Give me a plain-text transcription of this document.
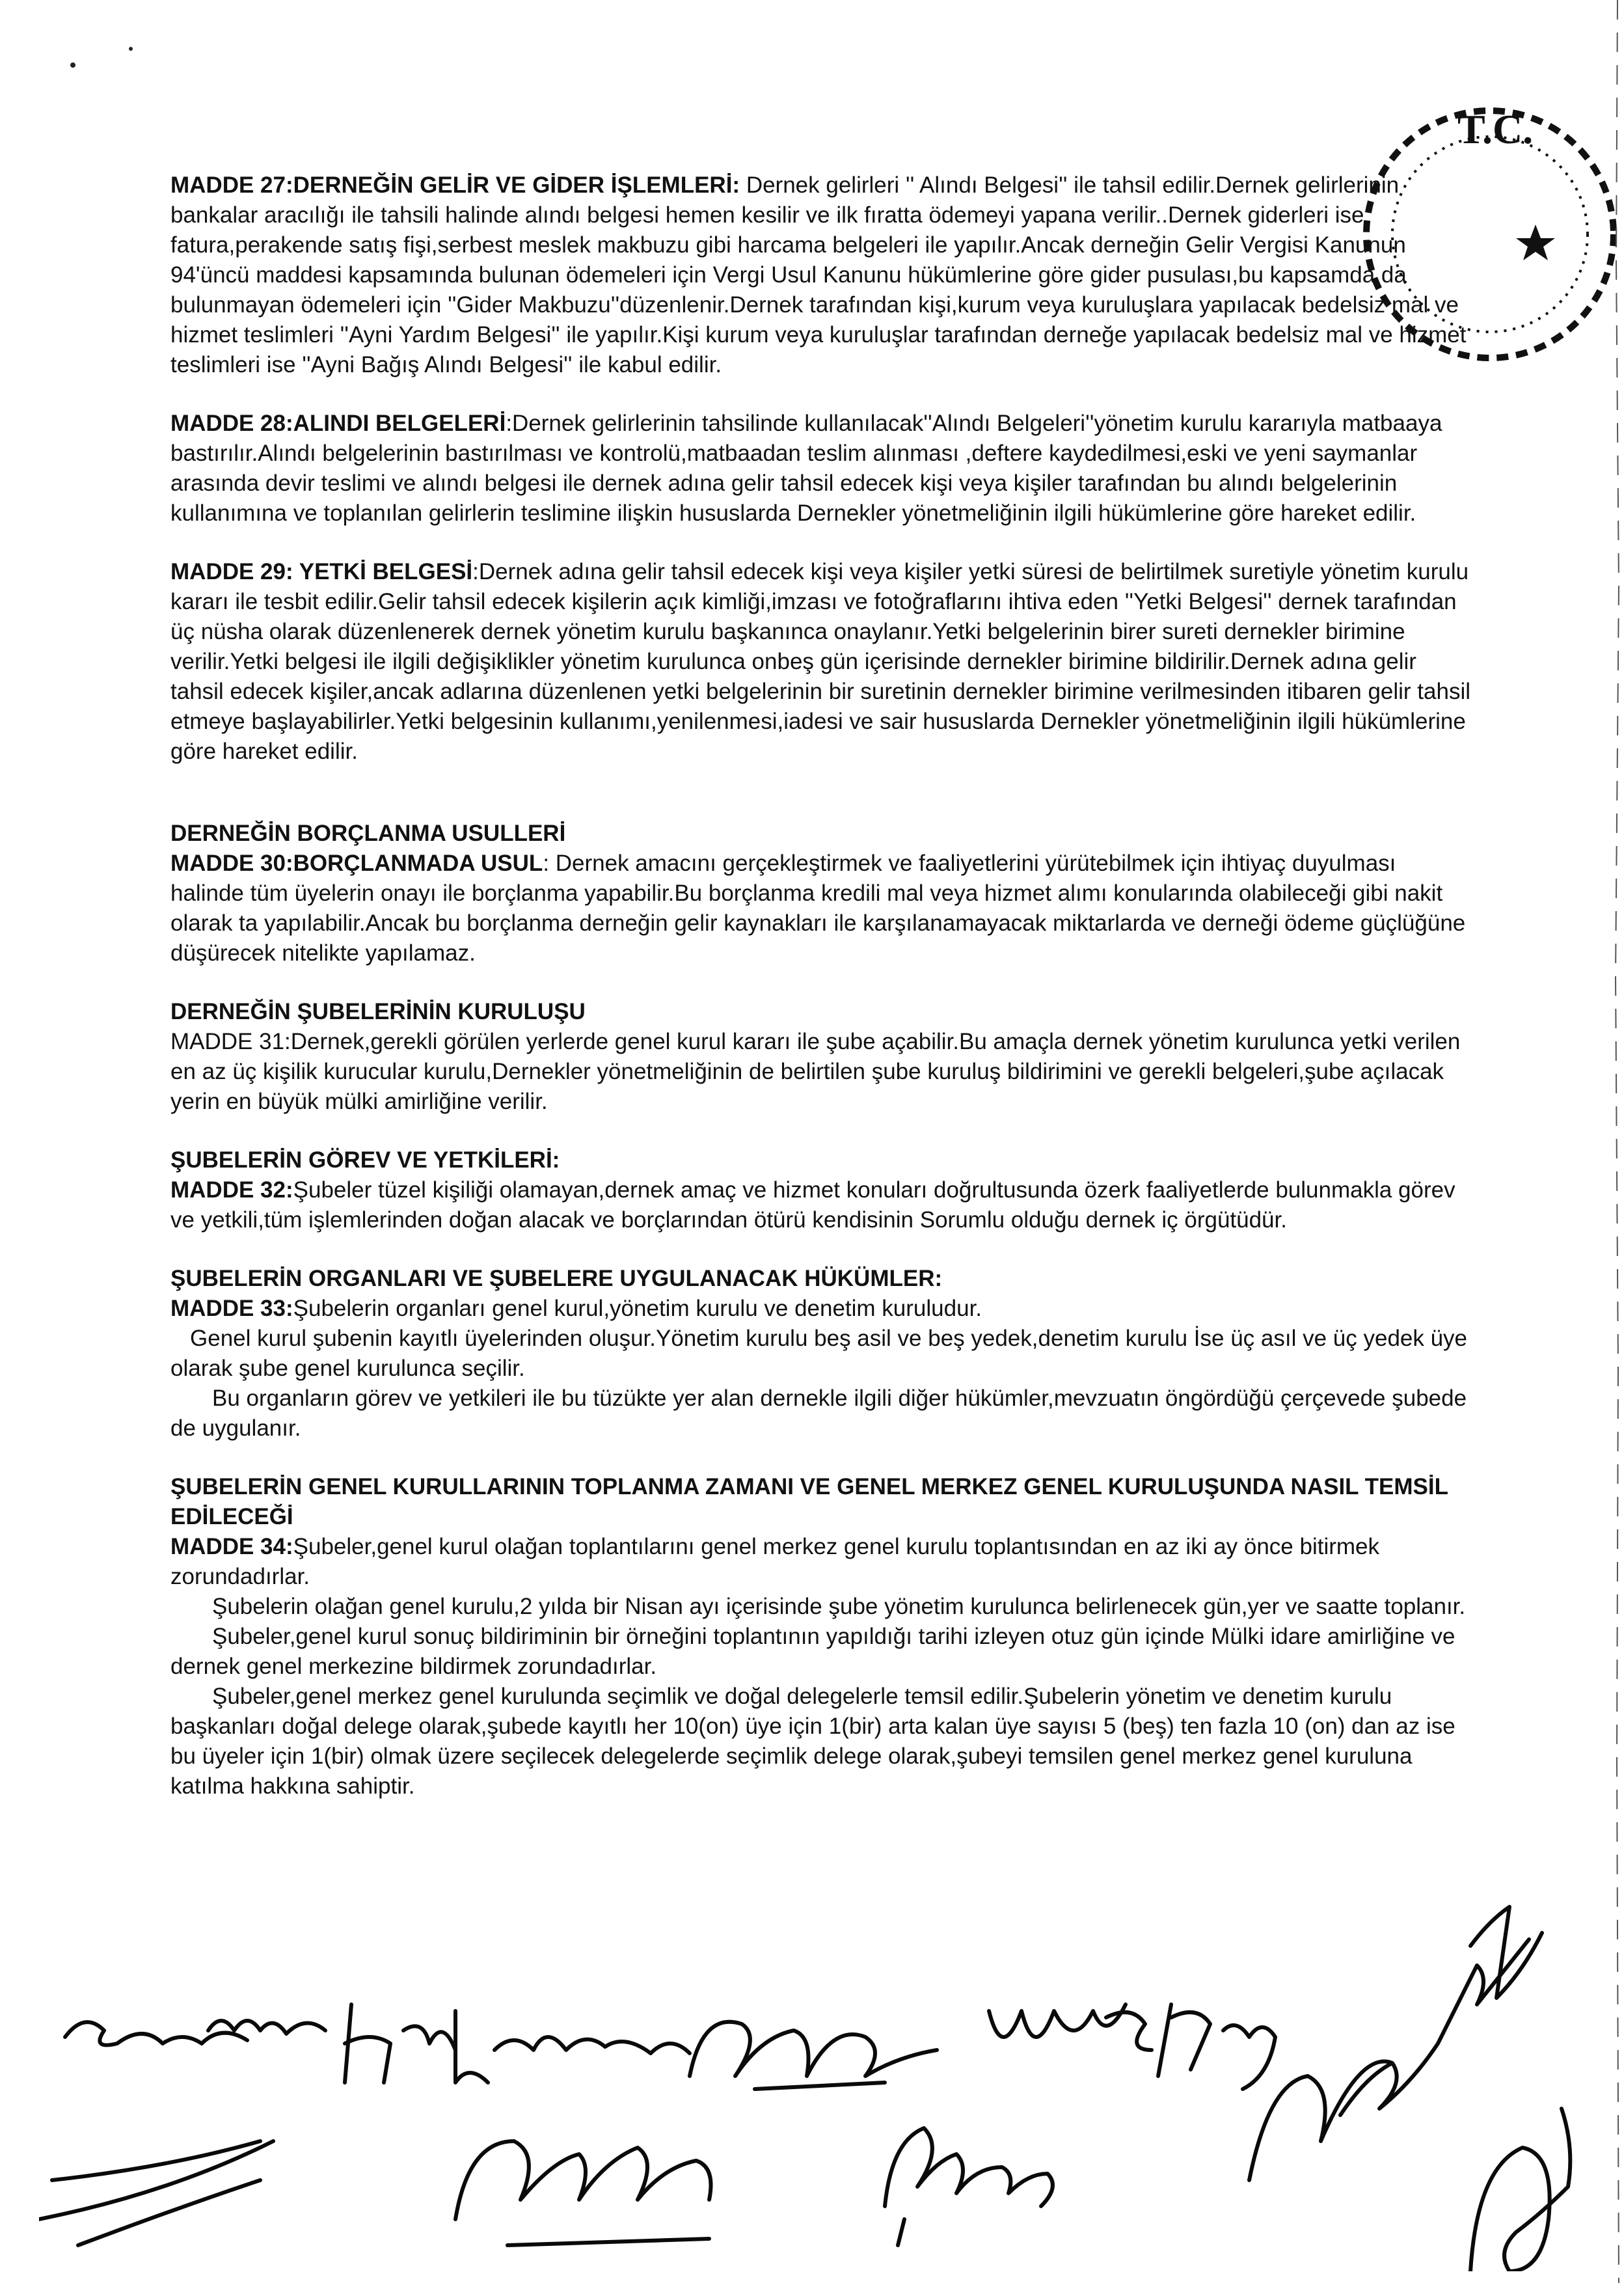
MADDE 27:DERNEĞİN GELİR VE GİDER İŞLEMLERİ: Dernek gelirleri '' Alındı Belgesi'' ile tahsil edilir.Dernek gelirlerinin bankalar aracılığı ile tahsili halinde alındı belgesi hemen kesilir ve ilk fıratta ödemeyi yapana verilir..Dernek giderleri ise fatura,perakende satış fişi,serbest meslek makbuzu gibi harcama belgeleri ile yapılır.Ancak derneğin Gelir Vergisi Kanunun 94'üncü maddesi kapsamında bulunan ödemeleri için Vergi Usul Kanunu hükümlerine göre gider pusulası,bu kapsamda da bulunmayan ödemeleri için ''Gider Makbuzu''düzenlenir.Dernek tarafından kişi,kurum veya kuruluşlara yapılacak bedelsiz mal ve hizmet teslimleri ''Ayni Yardım Belgesi'' ile yapılır.Kişi kurum veya kuruluşlar tarafından derneğe yapılacak bedelsiz mal ve hizmet teslimleri ise ''Ayni Bağış Alındı Belgesi'' ile kabul edilir.

MADDE 28:ALINDI BELGELERİ:Dernek gelirlerinin tahsilinde kullanılacak''Alındı Belgeleri''yönetim kurulu kararıyla matbaaya bastırılır.Alındı belgelerinin bastırılması ve kontrolü,matbaadan teslim alınması ,deftere kaydedilmesi,eski ve yeni saymanlar arasında devir teslimi ve alındı belgesi ile dernek adına gelir tahsil edecek kişi veya kişiler tarafından bu alındı belgelerinin kullanımına ve toplanılan gelirlerin teslimine ilişkin hususlarda Dernekler yönetmeliğinin ilgili hükümlerine göre hareket edilir.

MADDE 29: YETKİ BELGESİ:Dernek adına gelir tahsil edecek kişi veya kişiler yetki süresi de belirtilmek suretiyle yönetim kurulu kararı ile tesbit edilir.Gelir tahsil edecek kişilerin açık kimliği,imzası ve fotoğraflarını ihtiva eden ''Yetki Belgesi'' dernek tarafından üç nüsha olarak düzenlenerek dernek yönetim kurulu başkanınca onaylanır.Yetki belgelerinin birer sureti dernekler birimine verilir.Yetki belgesi ile ilgili değişiklikler yönetim kurulunca onbeş gün içerisinde dernekler birimine bildirilir.Dernek adına gelir tahsil edecek kişiler,ancak adlarına düzenlenen yetki belgelerinin bir suretinin dernekler birimine verilmesinden itibaren gelir tahsil etmeye başlayabilirler.Yetki belgesinin kullanımı,yenilenmesi,iadesi ve sair hususlarda Dernekler yönetmeliğinin ilgili hükümlerine göre hareket edilir.

DERNEĞİN BORÇLANMA USULLERİ

MADDE 30:BORÇLANMADA USUL: Dernek amacını gerçekleştirmek ve faaliyetlerini yürütebilmek için ihtiyaç duyulması halinde tüm üyelerin onayı ile borçlanma yapabilir.Bu borçlanma kredili mal veya hizmet alımı konularında olabileceği gibi nakit olarak ta yapılabilir.Ancak bu borçlanma derneğin gelir kaynakları ile karşılanamayacak miktarlarda ve derneği ödeme güçlüğüne düşürecek nitelikte yapılamaz.

DERNEĞİN ŞUBELERİNİN KURULUŞU

MADDE 31:Dernek,gerekli görülen yerlerde genel kurul kararı ile şube açabilir.Bu amaçla dernek yönetim kurulunca yetki verilen en az üç kişilik kurucular kurulu,Dernekler yönetmeliğinin de belirtilen şube kuruluş bildirimini ve gerekli belgeleri,şube açılacak yerin en büyük mülki amirliğine verilir.

ŞUBELERİN GÖREV VE YETKİLERİ:

MADDE 32:Şubeler tüzel kişiliği olamayan,dernek amaç ve hizmet konuları doğrultusunda özerk faaliyetlerde bulunmakla görev ve yetkili,tüm işlemlerinden doğan alacak ve borçlarından ötürü kendisinin Sorumlu olduğu dernek iç örgütüdür.

ŞUBELERİN ORGANLARI VE ŞUBELERE UYGULANACAK HÜKÜMLER:

MADDE 33:Şubelerin organları genel kurul,yönetim kurulu ve denetim kuruludur.

Genel kurul şubenin kayıtlı üyelerinden oluşur.Yönetim kurulu beş asil ve beş yedek,denetim kurulu İse üç asıl ve üç yedek üye olarak şube genel kurulunca seçilir.
Bu organların görev ve yetkileri ile bu tüzükte yer alan dernekle ilgili diğer hükümler,mevzuatın öngördüğü çerçevede şubede de uygulanır.
ŞUBELERİN GENEL KURULLARININ TOPLANMA ZAMANI VE GENEL MERKEZ GENEL KURULUŞUNDA NASIL TEMSİL EDİLECEĞİ

MADDE 34:Şubeler,genel kurul olağan toplantılarını genel merkez genel kurulu toplantısından en az iki ay önce bitirmek zorundadırlar.

Şubelerin olağan genel kurulu,2 yılda bir Nisan ayı içerisinde şube yönetim kurulunca belirlenecek gün,yer ve saatte toplanır.
Şubeler,genel kurul sonuç bildiriminin bir örneğini toplantının yapıldığı tarihi izleyen otuz gün içinde Mülki idare amirliğine ve dernek genel merkezine bildirmek zorundadırlar.
Şubeler,genel merkez genel kurulunda seçimlik ve doğal delegelerle temsil edilir.Şubelerin yönetim ve denetim kurulu başkanları doğal delege olarak,şubede kayıtlı her 10(on) üye için 1(bir) arta kalan üye sayısı 5 (beş) ten fazla 10 (on) dan az ise bu üyeler için 1(bir) olmak üzere seçilecek delegelerde seçimlik delege olarak,şubeyi temsilen genel merkez genel kuruluna katılma hakkına sahiptir.
T.C.
Hasan kurt	Hale Kırkizoğlu	Fadıl Akdut	Mustafa Erhan	Nilüfer Fadıllıoğulları
Akkeser
Ali Erdal
